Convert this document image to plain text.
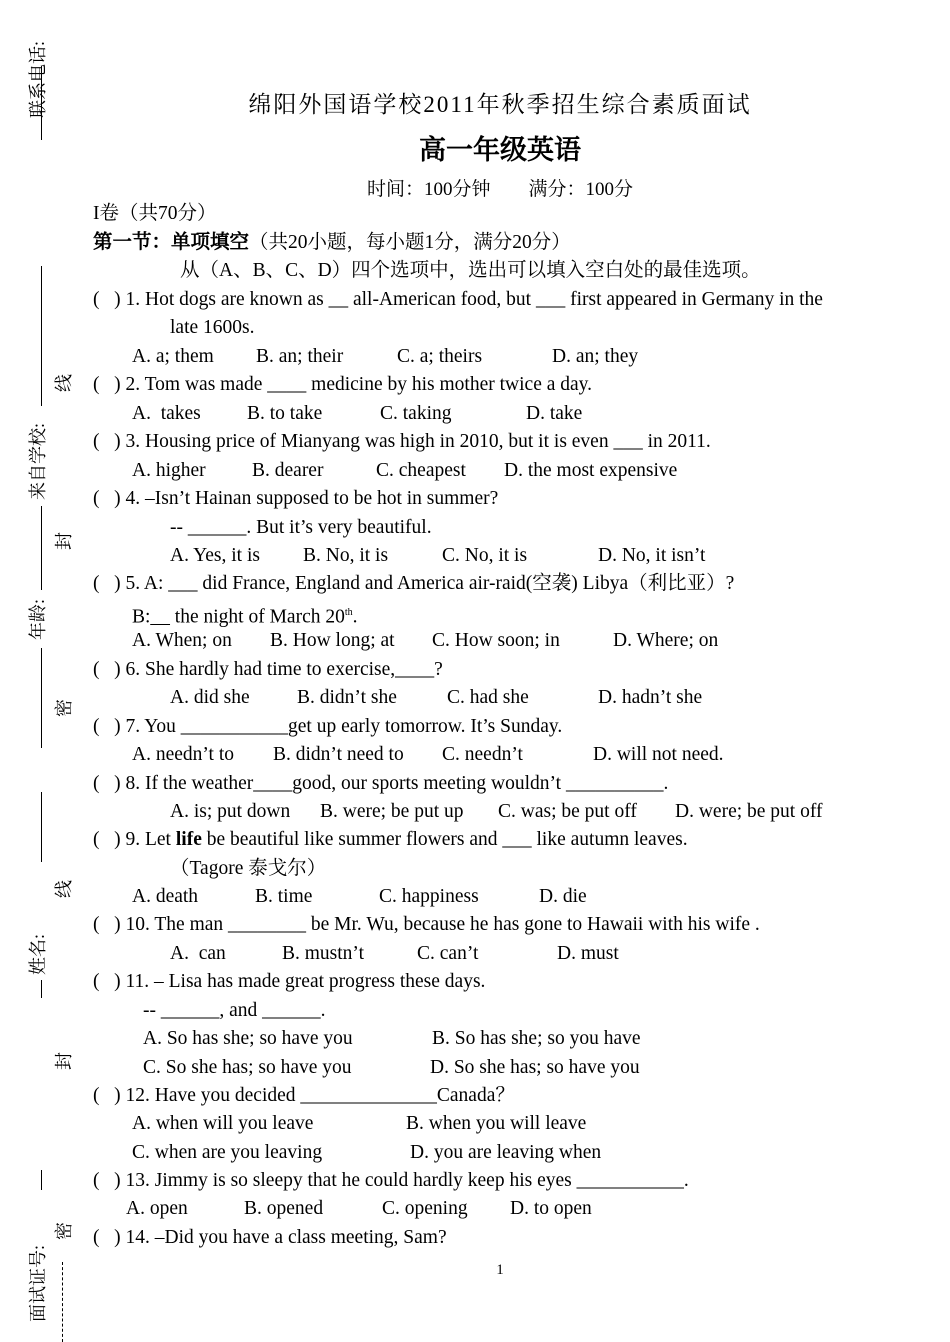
联系电话:
来自学校:
年龄:
姓名:
面试证号:
线
封
密
线
封
密
绵阳外国语学校2011年秋季招生综合素质面试
高一年级英语
时间：100分钟　　满分：100分
I卷（共70分）
第一节：单项填空（共20小题，每小题1分，满分20分）
从（A、B、C、D）四个选项中，选出可以填入空白处的最佳选项。
(   ) 1. Hot dogs are known as __ all-American food, but ___ first appeared in Germany in the
late 1600s.
A. a; them B. an; their	C. a; theirs	D. an; they
(   ) 2. Tom was made ____ medicine by his mother twice a day.
A.  takes B. to take	C. taking	D. take
(   ) 3. Housing price of Mianyang was high in 2010, but it is even ___ in 2011.
A. higher B. dearer	C. cheapest D. the most expensive
(   ) 4. –Isn’t Hainan supposed to be hot in summer?
-- ______. But it’s very beautiful.
A. Yes, it is B. No, it is	C. No, it is	D. No, it isn’t
(   ) 5. A: ___ did France, England and America air-raid(空袭) Libya（利比亚）?
B:__ the night of March 20th.
A. When; on B. How long; at C. How soon; in	D. Where; on
(   ) 6. She hardly had time to exercise,____?
A. did she B. didn’t she	C. had she	D. hadn’t she
(   ) 7. You ___________get up early tomorrow. It’s Sunday.
A. needn’t to B. didn’t need to C. needn’t	D. will not need.
(   ) 8. If the weather____good, our sports meeting wouldn’t __________.
A. is; put down B. were; be put up C. was; be put off D. were; be put off
(   ) 9. Let life be beautiful like summer flowers and ___ like autumn leaves.
（Tagore 泰戈尔）
A. death	B. time	C. happiness	D. die
(   ) 10. The man ________ be Mr. Wu, because he has gone to Hawaii with his wife .
A.  can	B. mustn’t	C. can’t	D. must
(   ) 11. – Lisa has made great progress these days.
-- ______, and ______.
A. So has she; so have you	B. So has she; so you have
C. So she has; so have you	D. So she has; so have you
(   ) 12. Have you decided ______________Canada？
A. when will you leave	B. when you will leave
C. when are you leaving	D. you are leaving when
(   ) 13. Jimmy is so sleepy that he could hardly keep his eyes ___________.
A. open	B. opened	C. opening D. to open
(   ) 14. –Did you have a class meeting, Sam?
1
